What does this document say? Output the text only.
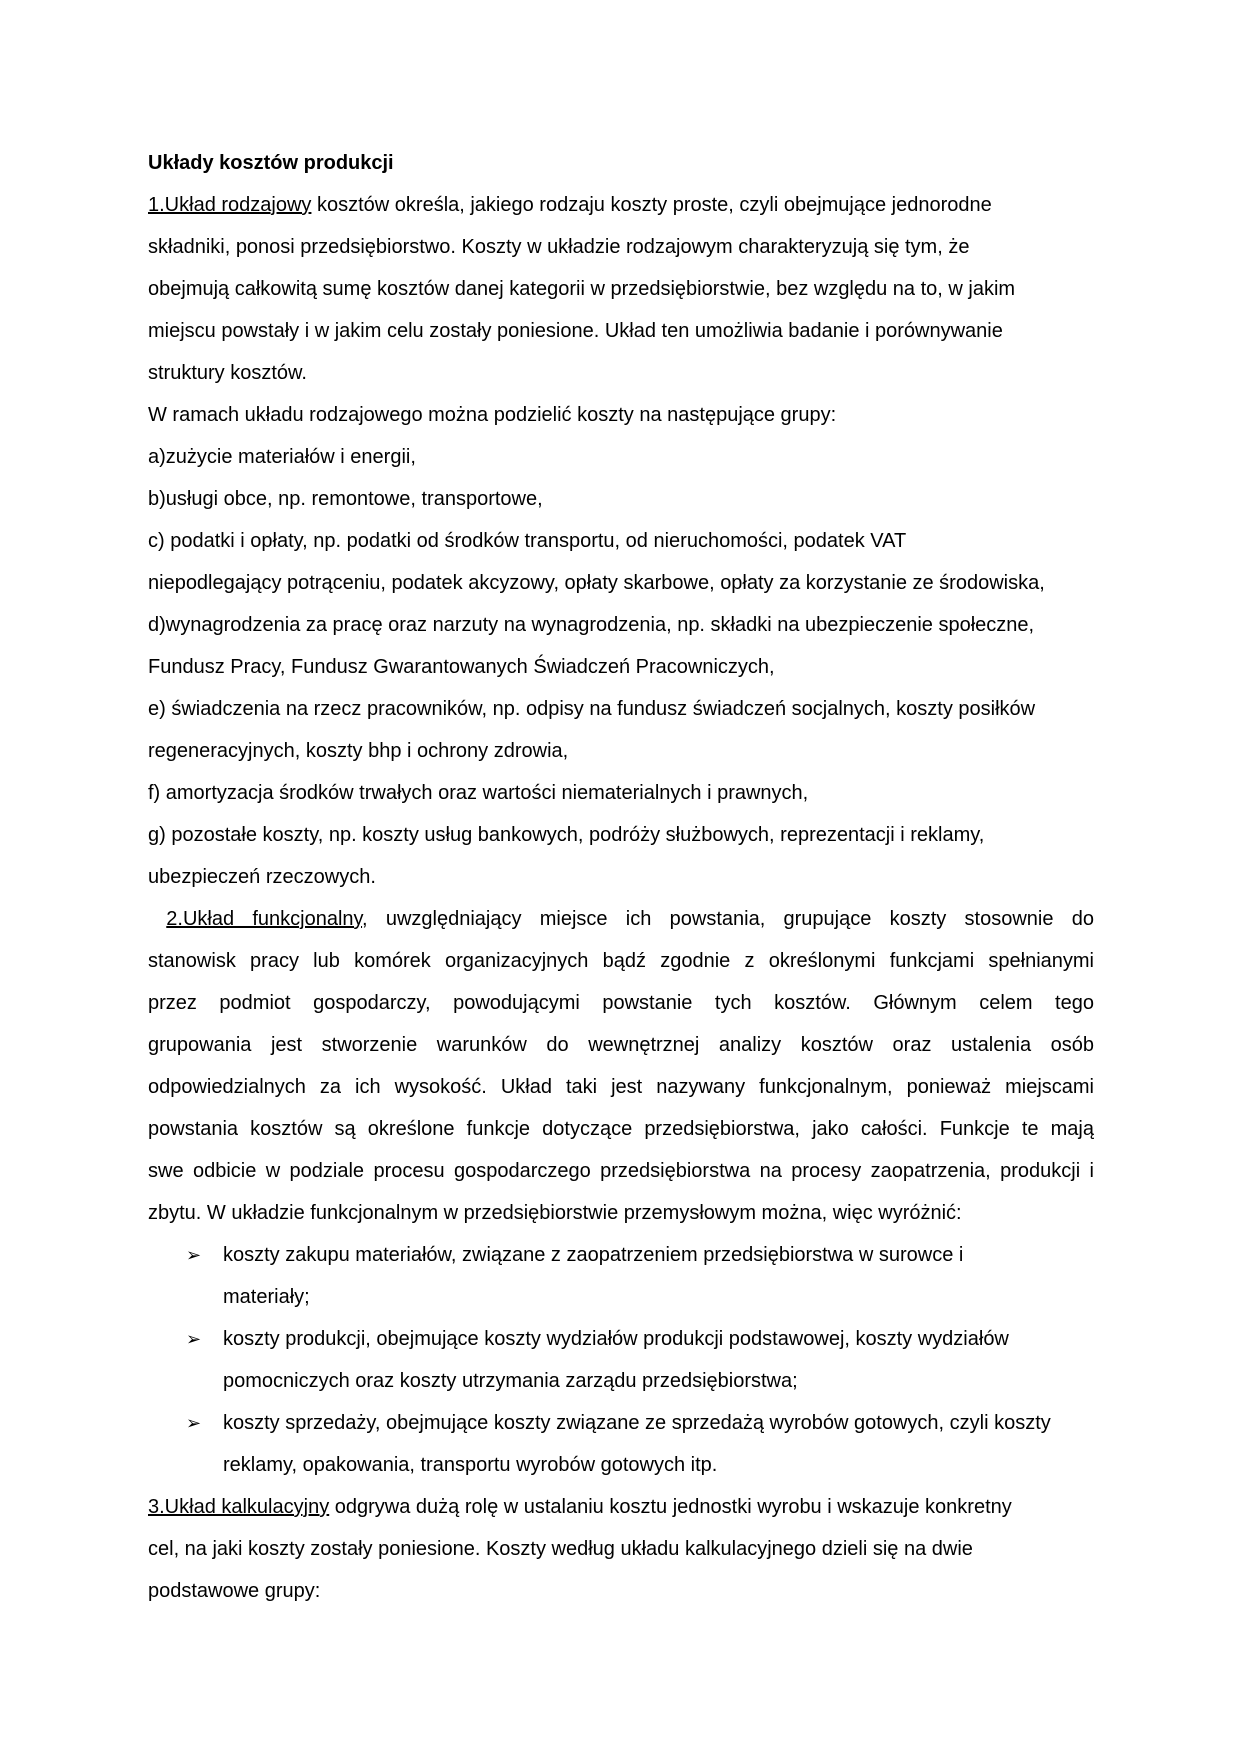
Układy kosztów produkcji
1.Układ rodzajowy kosztów określa, jakiego rodzaju koszty proste, czyli obejmujące jednorodne
składniki, ponosi przedsiębiorstwo. Koszty w układzie rodzajowym charakteryzują się tym, że
obejmują całkowitą sumę kosztów danej kategorii w przedsiębiorstwie, bez względu na to, w jakim
miejscu powstały i w jakim celu zostały poniesione. Układ ten umożliwia badanie i porównywanie
struktury kosztów.
W ramach układu rodzajowego można podzielić koszty na następujące grupy:
a)zużycie materiałów i energii,
b)usługi obce, np. remontowe, transportowe,
c) podatki i opłaty, np. podatki od środków transportu, od nieruchomości, podatek VAT
niepodlegający potrąceniu, podatek akcyzowy, opłaty skarbowe, opłaty za korzystanie ze środowiska,
d)wynagrodzenia za pracę oraz narzuty na wynagrodzenia, np. składki na ubezpieczenie społeczne,
Fundusz Pracy, Fundusz Gwarantowanych Świadczeń Pracowniczych,
e) świadczenia na rzecz pracowników, np. odpisy na fundusz świadczeń socjalnych, koszty posiłków
regeneracyjnych, koszty bhp i ochrony zdrowia,
f) amortyzacja środków trwałych oraz wartości niematerialnych i prawnych,
g) pozostałe koszty, np. koszty usług bankowych, podróży służbowych, reprezentacji i reklamy,
ubezpieczeń rzeczowych.
2.Układ funkcjonalny, uwzględniający miejsce ich powstania, grupujące koszty stosownie do
stanowisk pracy lub komórek organizacyjnych bądź zgodnie z określonymi funkcjami spełnianymi
przez podmiot gospodarczy, powodującymi powstanie tych kosztów. Głównym celem tego
grupowania jest stworzenie warunków do wewnętrznej analizy kosztów oraz ustalenia osób
odpowiedzialnych za ich wysokość. Układ taki jest nazywany funkcjonalnym, ponieważ miejscami
powstania kosztów są określone funkcje dotyczące przedsiębiorstwa, jako całości. Funkcje te mają
swe odbicie w podziale procesu gospodarczego przedsiębiorstwa na procesy zaopatrzenia, produkcji i
zbytu. W układzie funkcjonalnym w przedsiębiorstwie przemysłowym można, więc wyróżnić:
➢ koszty zakupu materiałów, związane z zaopatrzeniem przedsiębiorstwa w surowce i
materiały;
➢ koszty produkcji, obejmujące koszty wydziałów produkcji podstawowej, koszty wydziałów
pomocniczych oraz koszty utrzymania zarządu przedsiębiorstwa;
➢ koszty sprzedaży, obejmujące koszty związane ze sprzedażą wyrobów gotowych, czyli koszty
reklamy, opakowania, transportu wyrobów gotowych itp.
3.Układ kalkulacyjny odgrywa dużą rolę w ustalaniu kosztu jednostki wyrobu i wskazuje konkretny
cel, na jaki koszty zostały poniesione. Koszty według układu kalkulacyjnego dzieli się na dwie
podstawowe grupy:
